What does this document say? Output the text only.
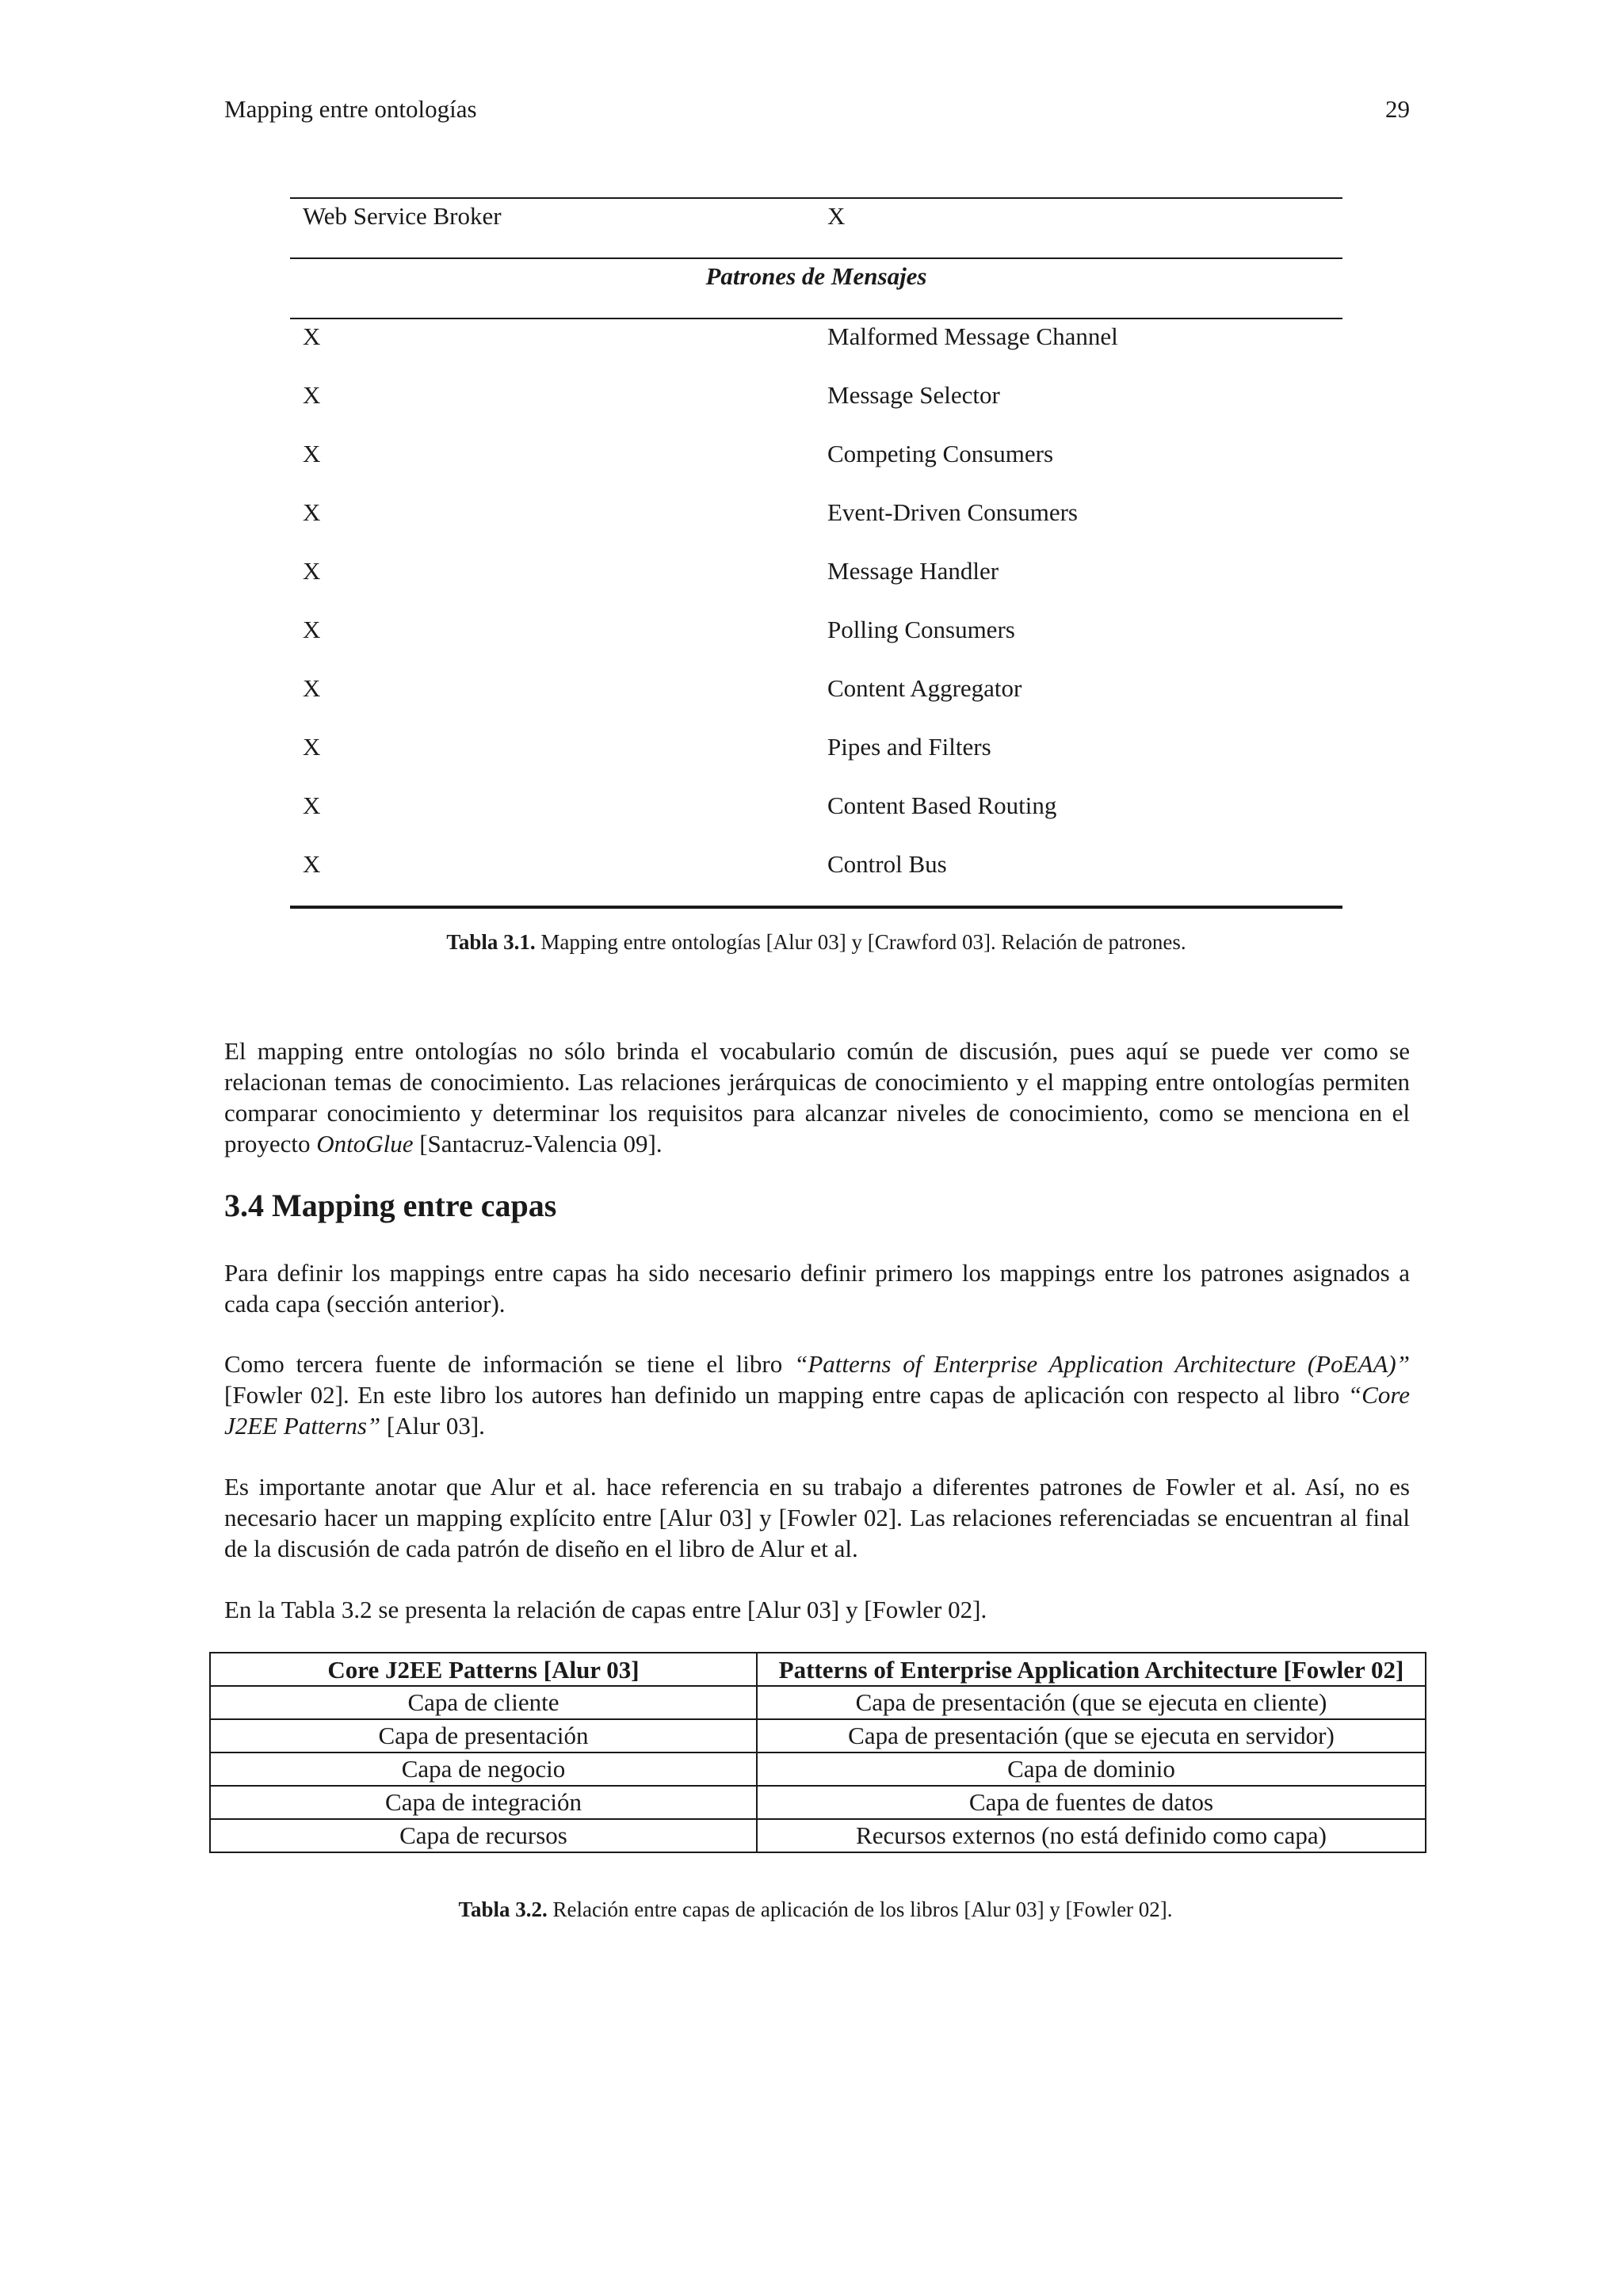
Mapping entre ontologías	29
Web Service Broker	X
Patrones de Mensajes
X	Malformed Message Channel
X	Message Selector
X	Competing Consumers
X	Event-Driven Consumers
X	Message Handler
X	Polling Consumers
X	Content Aggregator
X	Pipes and Filters
X	Content Based Routing
X	Control Bus
Tabla 3.1. Mapping entre ontologías [Alur 03] y [Crawford 03]. Relación de patrones.
El mapping entre ontologías no sólo brinda el vocabulario común de discusión, pues aquí se puede ver como se relacionan temas de conocimiento. Las relaciones jerárquicas de conocimiento y el mapping entre ontologías permiten comparar conocimiento y determinar los requisitos para alcanzar niveles de conocimiento, como se menciona en el proyecto OntoGlue [Santacruz-Valencia 09].
3.4 Mapping entre capas
Para definir los mappings entre capas ha sido necesario definir primero los mappings entre los patrones asignados a cada capa (sección anterior).
Como tercera fuente de información se tiene el libro “Patterns of Enterprise Application Architecture (PoEAA)” [Fowler 02]. En este libro los autores han definido un mapping entre capas de aplicación con respecto al libro “Core J2EE Patterns” [Alur 03].
Es importante anotar que Alur et al. hace referencia en su trabajo a diferentes patrones de Fowler et al. Así, no es necesario hacer un mapping explícito entre [Alur 03] y [Fowler 02]. Las relaciones referenciadas se encuentran al final de la discusión de cada patrón de diseño en el libro de Alur et al.
En la Tabla 3.2 se presenta la relación de capas entre [Alur 03] y [Fowler 02].
Core J2EE Patterns [Alur 03]	Patterns of Enterprise Application Architecture [Fowler 02]
Capa de cliente	Capa de presentación (que se ejecuta en cliente)
Capa de presentación	Capa de presentación (que se ejecuta en servidor)
Capa de negocio	Capa de dominio
Capa de integración	Capa de fuentes de datos
Capa de recursos	Recursos externos (no está definido como capa)
Tabla 3.2. Relación entre capas de aplicación de los libros [Alur 03] y [Fowler 02].
